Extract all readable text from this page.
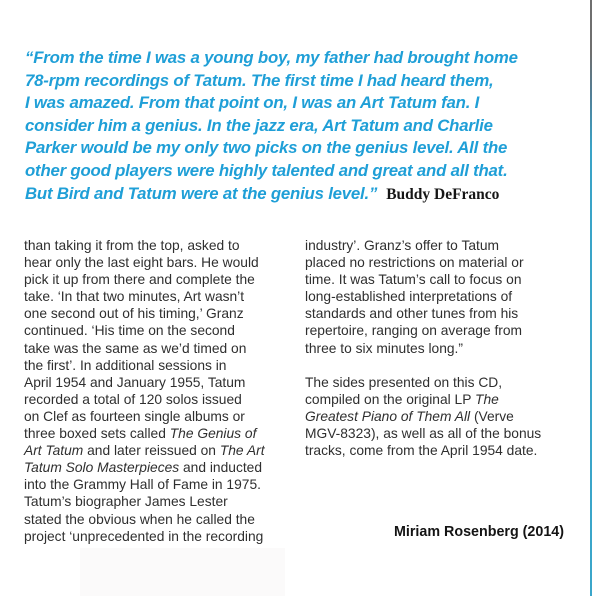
“From the time I was a young boy, my father had brought home
78-rpm recordings of Tatum. The first time I had heard them,
I was amazed. From that point on, I was an Art Tatum fan. I
consider him a genius. In the jazz era, Art Tatum and Charlie
Parker would be my only two picks on the genius level. All the
other good players were highly talented and great and all that.
But Bird and Tatum were at the genius level.” Buddy DeFranco
than taking it from the top, asked to
hear only the last eight bars. He would
pick it up from there and complete the
take. ‘In that two minutes, Art wasn’t
one second out of his timing,’ Granz
continued. ‘His time on the second
take was the same as we’d timed on
the first’. In additional sessions in
April 1954 and January 1955, Tatum
recorded a total of 120 solos issued
on Clef as fourteen single albums or
three boxed sets called The Genius of
Art Tatum and later reissued on The Art
Tatum Solo Masterpieces and inducted
into the Grammy Hall of Fame in 1975.
Tatum’s biographer James Lester
stated the obvious when he called the
project ‘unprecedented in the recording
industry’. Granz’s offer to Tatum
placed no restrictions on material or
time. It was Tatum’s call to focus on
long-established interpretations of
standards and other tunes from his
repertoire, ranging on average from
three to six minutes long.”
The sides presented on this CD,
compiled on the original LP The
Greatest Piano of Them All (Verve
MGV-8323), as well as all of the bonus
tracks, come from the April 1954 date.
Miriam Rosenberg (2014)
